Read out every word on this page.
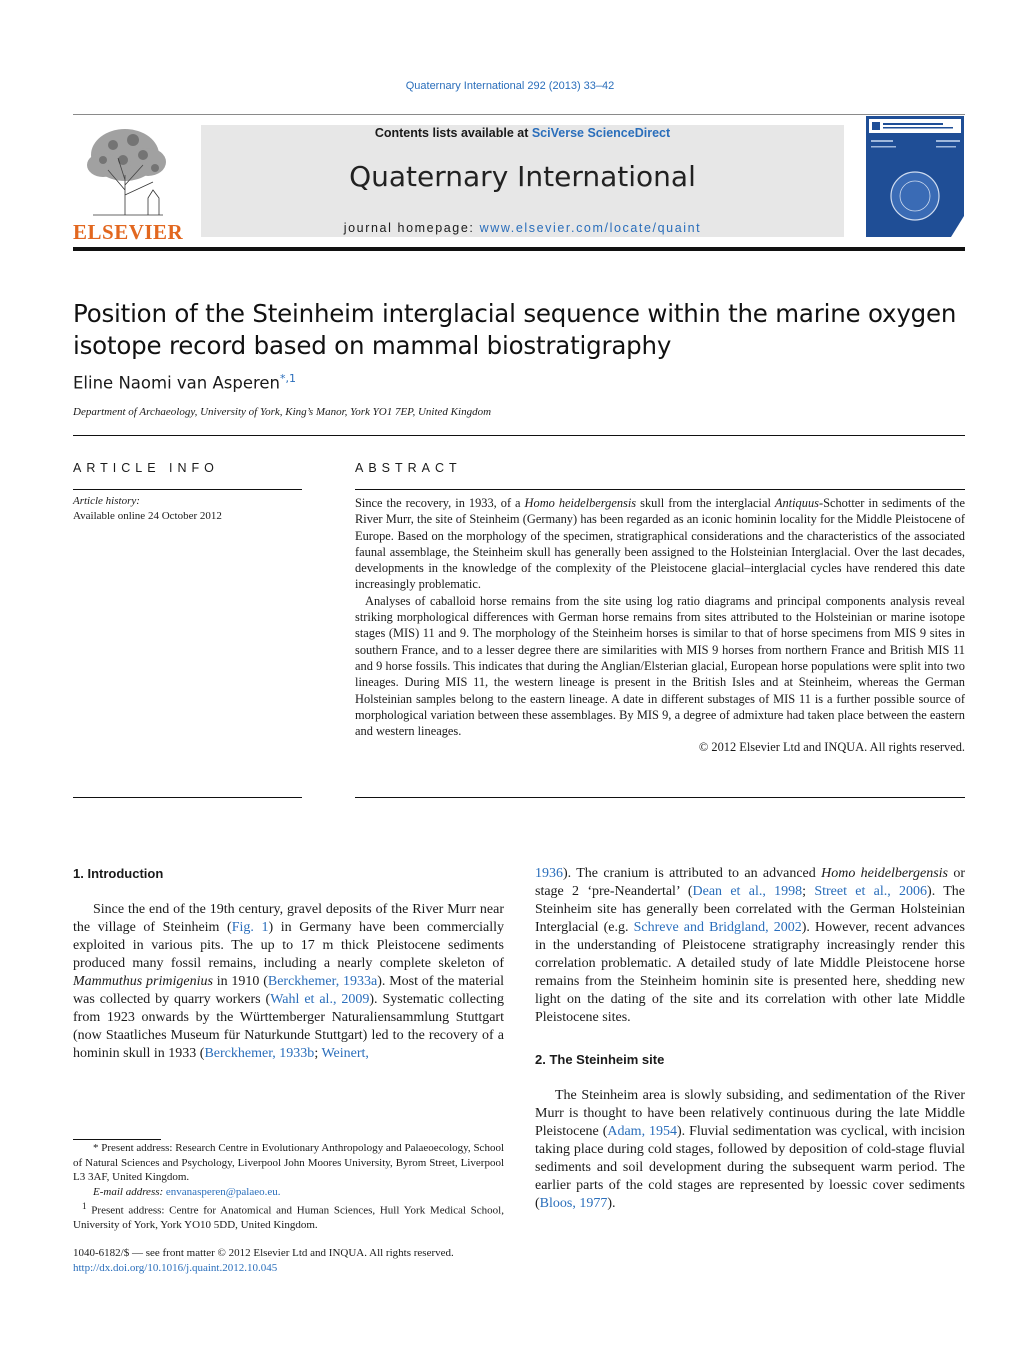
Quaternary International 292 (2013) 33–42
ELSEVIER
Contents lists available at SciVerse ScienceDirect
Quaternary International
journal homepage: www.elsevier.com/locate/quaint
Position of the Steinheim interglacial sequence within the marine oxygen isotope record based on mammal biostratigraphy
Eline Naomi van Asperen$^{*,1}$
Department of Archaeology, University of York, King’s Manor, York YO1 7EP, United Kingdom
ARTICLE INFO	ABSTRACT
Article history:
Available online 24 October 2012

Since the recovery, in 1933, of a Homo heidelbergensis skull from the interglacial Antiquus-Schotter in sediments of the River Murr, the site of Steinheim (Germany) has been regarded as an iconic hominin locality for the Middle Pleistocene of Europe. Based on the morphology of the specimen, stratigraphical considerations and the characteristics of the associated faunal assemblage, the Steinheim skull has generally been assigned to the Holsteinian Interglacial. Over the last decades, developments in the knowledge of the complexity of the Pleistocene glacial–interglacial cycles have rendered this date increasingly problematic.

Analyses of caballoid horse remains from the site using log ratio diagrams and principal components analysis reveal striking morphological differences with German horse remains from sites attributed to the Holsteinian or marine isotope stages (MIS) 11 and 9. The morphology of the Steinheim horses is similar to that of horse specimens from MIS 9 sites in southern France, and to a lesser degree there are similarities with MIS 9 horses from northern France and British MIS 11 and 9 horse fossils. This indicates that during the Anglian/Elsterian glacial, European horse populations were split into two lineages. During MIS 11, the western lineage is present in the British Isles and at Steinheim, whereas the German Holsteinian samples belong to the eastern lineage. A date in different substages of MIS 11 is a further possible source of morphological variation between these assemblages. By MIS 9, a degree of admixture had taken place between the eastern and western lineages.

© 2012 Elsevier Ltd and INQUA. All rights reserved.
1. Introduction

Since the end of the 19th century, gravel deposits of the River Murr near the village of Steinheim (Fig. 1) in Germany have been commercially exploited in various pits. The up to 17 m thick Pleistocene sediments produced many fossil remains, including a nearly complete skeleton of Mammuthus primigenius in 1910 (Berckhemer, 1933a). Most of the material was collected by quarry workers (Wahl et al., 2009). Systematic collecting from 1923 onwards by the Württemberger Naturaliensammlung Stuttgart (now Staatliches Museum für Naturkunde Stuttgart) led to the recovery of a hominin skull in 1933 (Berckhemer, 1933b; Weinert,

* Present address: Research Centre in Evolutionary Anthropology and Palaeoecology, School of Natural Sciences and Psychology, Liverpool John Moores University, Byrom Street, Liverpool L3 3AF, United Kingdom.

E-mail address: envanasperen@palaeo.eu.

$^1$ Present address: Centre for Anatomical and Human Sciences, Hull York Medical School, University of York, York YO10 5DD, United Kingdom.

1040-6182/$ — see front matter © 2012 Elsevier Ltd and INQUA. All rights reserved.
http://dx.doi.org/10.1016/j.quaint.2012.10.045

1936). The cranium is attributed to an advanced Homo heidelbergensis or stage 2 ‘pre-Neandertal’ (Dean et al., 1998; Street et al., 2006). The Steinheim site has generally been correlated with the German Holsteinian Interglacial (e.g. Schreve and Bridgland, 2002). However, recent advances in the understanding of Pleistocene stratigraphy increasingly render this correlation problematic. A detailed study of late Middle Pleistocene horse remains from the Steinheim hominin site is presented here, shedding new light on the dating of the site and its correlation with other late Middle Pleistocene sites.

2. The Steinheim site

The Steinheim area is slowly subsiding, and sedimentation of the River Murr is thought to have been relatively continuous during the late Middle Pleistocene (Adam, 1954). Fluvial sedimentation was cyclical, with incision taking place during cold stages, followed by deposition of cold-stage fluvial sediments and soil development during the subsequent warm period. The earlier parts of the cold stages are represented by loessic cover sediments (Bloos, 1977).
